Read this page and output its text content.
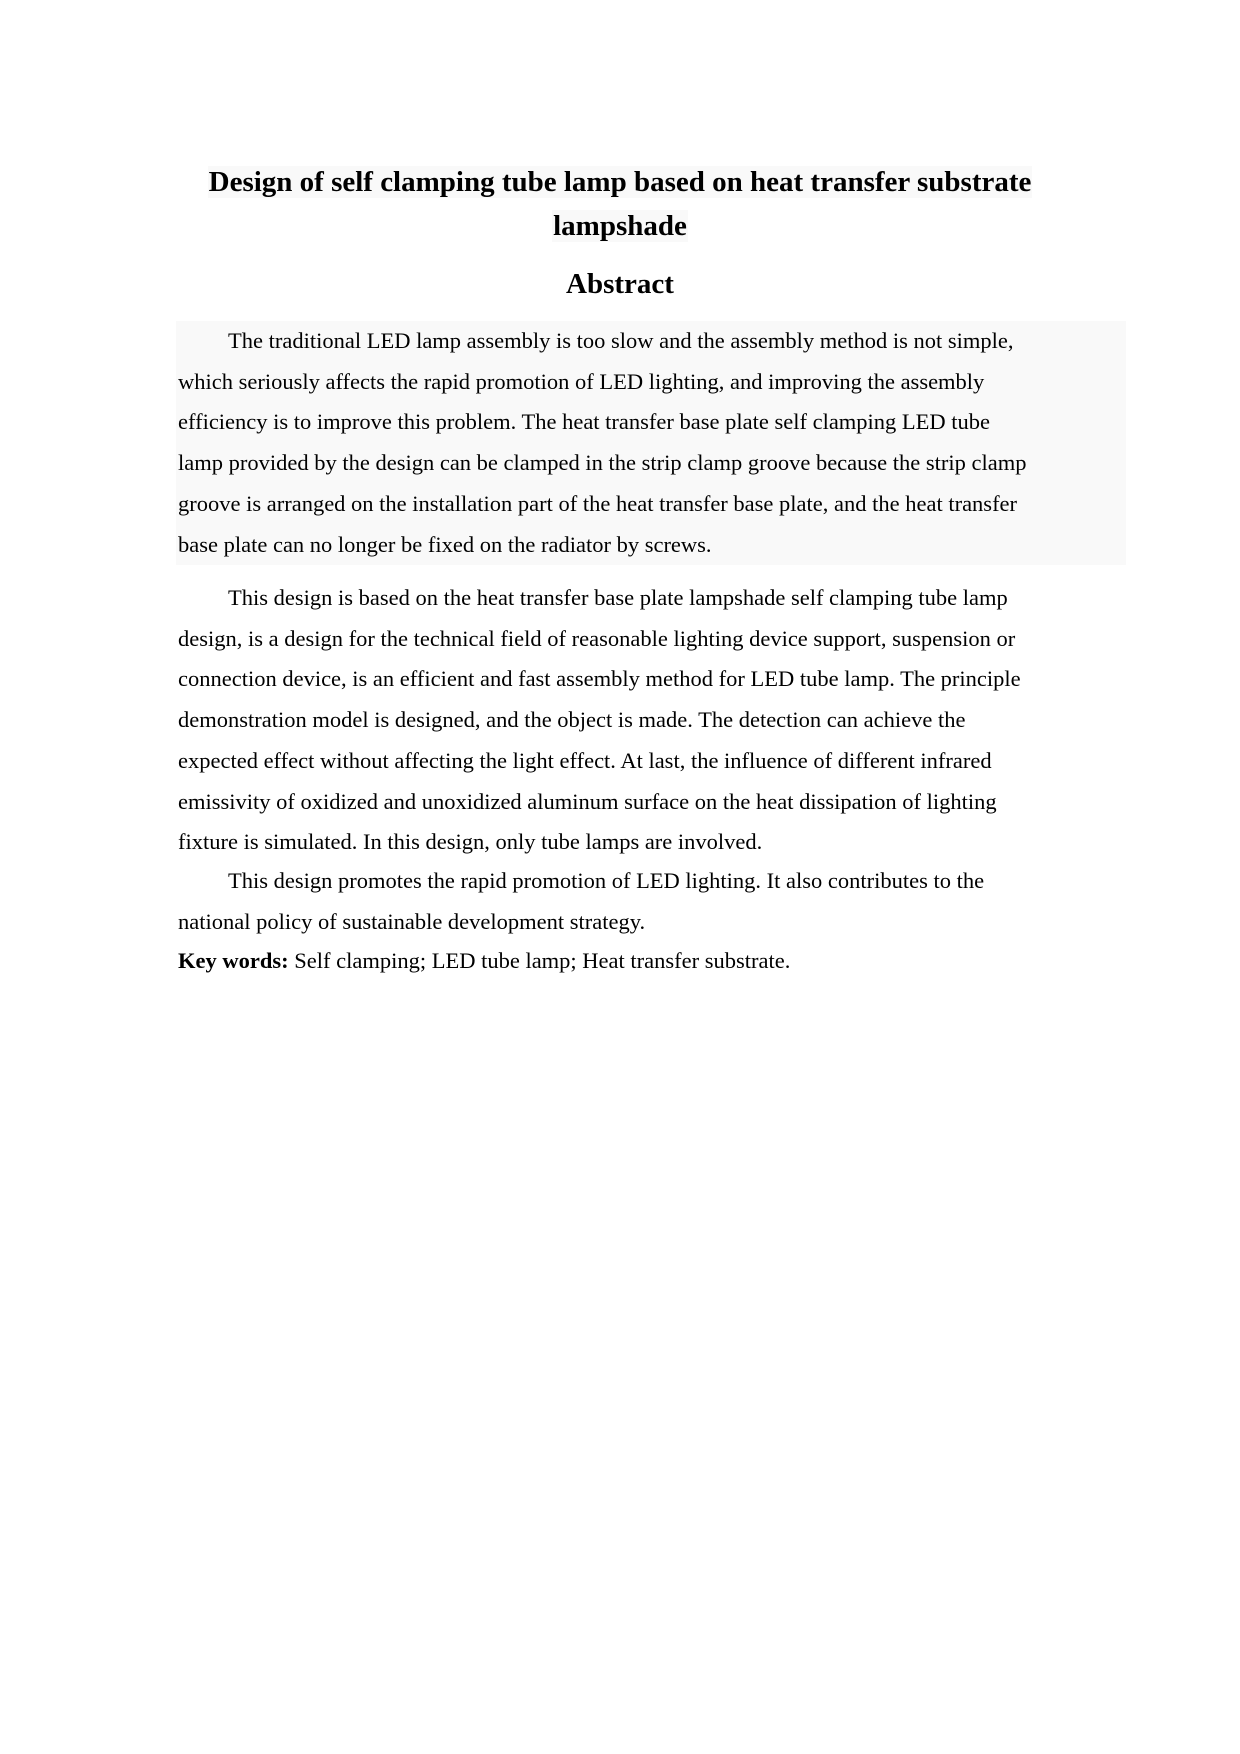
Design of self clamping tube lamp based on heat transfer substrate
lampshade
Abstract
The traditional LED lamp assembly is too slow and the assembly method is not simple,
which seriously affects the rapid promotion of LED lighting, and improving the assembly
efficiency is to improve this problem. The heat transfer base plate self clamping LED tube
lamp provided by the design can be clamped in the strip clamp groove because the strip clamp
groove is arranged on the installation part of the heat transfer base plate, and the heat transfer
base plate can no longer be fixed on the radiator by screws.
This design is based on the heat transfer base plate lampshade self clamping tube lamp
design, is a design for the technical field of reasonable lighting device support, suspension or
connection device, is an efficient and fast assembly method for LED tube lamp. The principle
demonstration model is designed, and the object is made. The detection can achieve the
expected effect without affecting the light effect. At last, the influence of different infrared
emissivity of oxidized and unoxidized aluminum surface on the heat dissipation of lighting
fixture is simulated. In this design, only tube lamps are involved.
This design promotes the rapid promotion of LED lighting. It also contributes to the
national policy of sustainable development strategy.
Key words: Self clamping; LED tube lamp; Heat transfer substrate.
